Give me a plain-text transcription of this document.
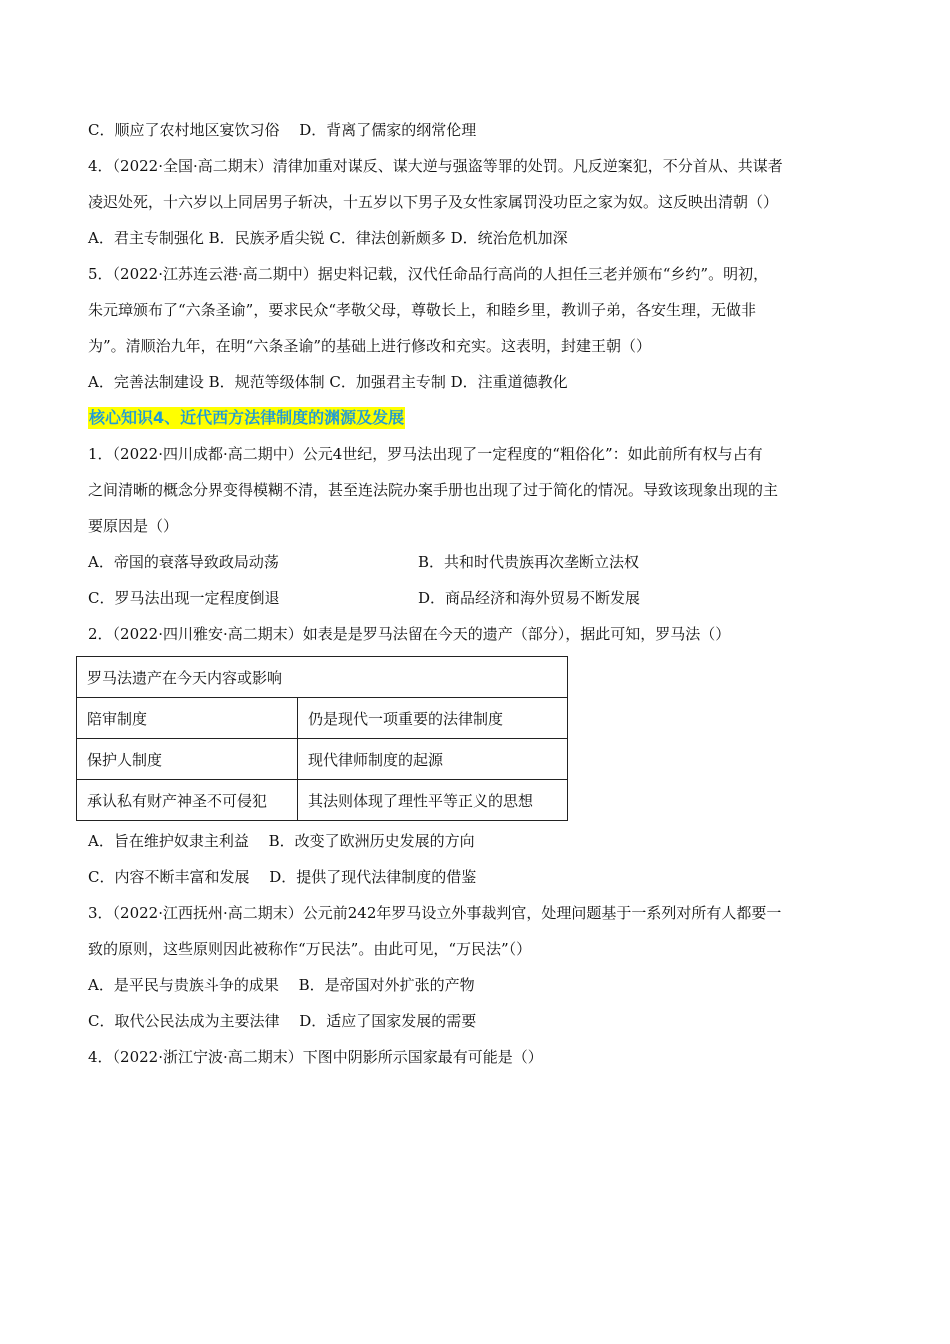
C．顺应了农村地区宴饮习俗　 D．背离了儒家的纲常伦理
4．（2022·全国·高二期末）清律加重对谋反、谋大逆与强盗等罪的处罚。凡反逆案犯，不分首从、共谋者
凌迟处死，十六岁以上同居男子斩决，十五岁以下男子及女性家属罚没功臣之家为奴。这反映出清朝（）
A．君主专制强化 B．民族矛盾尖锐 C．律法创新颇多 D．统治危机加深
5．（2022·江苏连云港·高二期中）据史料记载，汉代任命品行高尚的人担任三老并颁布“乡约”。明初，
朱元璋颁布了“六条圣谕”，要求民众“孝敬父母，尊敬长上，和睦乡里，教训子弟，各安生理，无做非
为”。清顺治九年，在明“六条圣谕”的基础上进行修改和充实。这表明，封建王朝（）
A．完善法制建设 B．规范等级体制 C．加强君主专制 D．注重道德教化
核心知识4、近代西方法律制度的渊源及发展
1．（2022·四川成都·高二期中）公元4世纪，罗马法出现了一定程度的“粗俗化”：如此前所有权与占有
之间清晰的概念分界变得模糊不清，甚至连法院办案手册也出现了过于简化的情况。导致该现象出现的主
要原因是（）
A．帝国的衰落导致政局动荡	B．共和时代贵族再次垄断立法权
C．罗马法出现一定程度倒退	D．商品经济和海外贸易不断发展
2．（2022·四川雅安·高二期末）如表是是罗马法留在今天的遗产（部分），据此可知，罗马法（）
罗马法遗产在今天内容或影响	
陪审制度	仍是现代一项重要的法律制度
保护人制度	现代律师制度的起源
承认私有财产神圣不可侵犯	其法则体现了理性平等正义的思想
A．旨在维护奴隶主利益　 B．改变了欧洲历史发展的方向
C．内容不断丰富和发展　 D．提供了现代法律制度的借鉴
3．（2022·江西抚州·高二期末）公元前242年罗马设立外事裁判官，处理问题基于一系列对所有人都要一
致的原则，这些原则因此被称作“万民法”。由此可见，“万民法”（）
A．是平民与贵族斗争的成果　 B．是帝国对外扩张的产物
C．取代公民法成为主要法律　 D．适应了国家发展的需要
4．（2022·浙江宁波·高二期末）下图中阴影所示国家最有可能是（）
